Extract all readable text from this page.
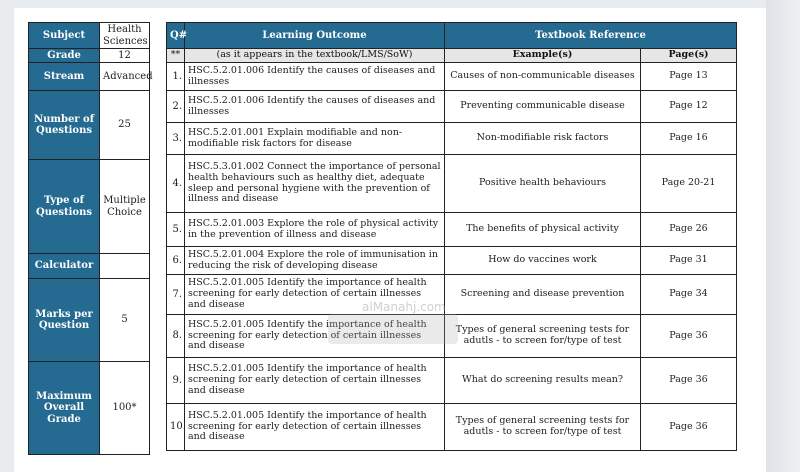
Subject	Health Sciences
Grade	12
Stream	Advanced
Number of Questions	25
Type of Questions	Multiple Choice
Calculator	
Marks per Question	5
Maximum Overall Grade	100*
Q#	Learning Outcome	Textbook Reference	
**	(as it appears in the textbook/LMS/SoW)	Example(s)	Page(s)
1.	HSC.5.2.01.006 Identify the causes of diseases and illnesses	Causes of non-communicable diseases	Page 13
2.	HSC.5.2.01.006 Identify the causes of diseases and illnesses	Preventing communicable disease	Page 12
3.	HSC.5.2.01.001 Explain modifiable and non-modifiable risk factors for disease	Non-modifiable risk factors	Page 16
4.	HSC.5.3.01.002 Connect the importance of personal health behaviours such as healthy diet, adequate sleep and personal hygiene with the prevention of illness and disease	Positive health behaviours	Page 20-21
5.	HSC.5.2.01.003 Explore the role of physical activity in the prevention of illness and disease	The benefits of physical activity	Page 26
6.	HSC.5.2.01.004 Explore the role of immunisation in reducing the risk of developing disease	How do vaccines work	Page 31
7.	HSC.5.2.01.005 Identify the importance of health screening for early detection of certain illnesses and disease	Screening and disease prevention	Page 34
8.	HSC.5.2.01.005 Identify the importance of health screening for early detection of certain illnesses and disease	Types of general screening tests for adutls - to screen for/type of test	Page 36
9.	HSC.5.2.01.005 Identify the importance of health screening for early detection of certain illnesses and disease	What do screening results mean?	Page 36
10.	HSC.5.2.01.005 Identify the importance of health screening for early detection of certain illnesses and disease	Types of general screening tests for adutls - to screen for/type of test	Page 36
alManahj.com
